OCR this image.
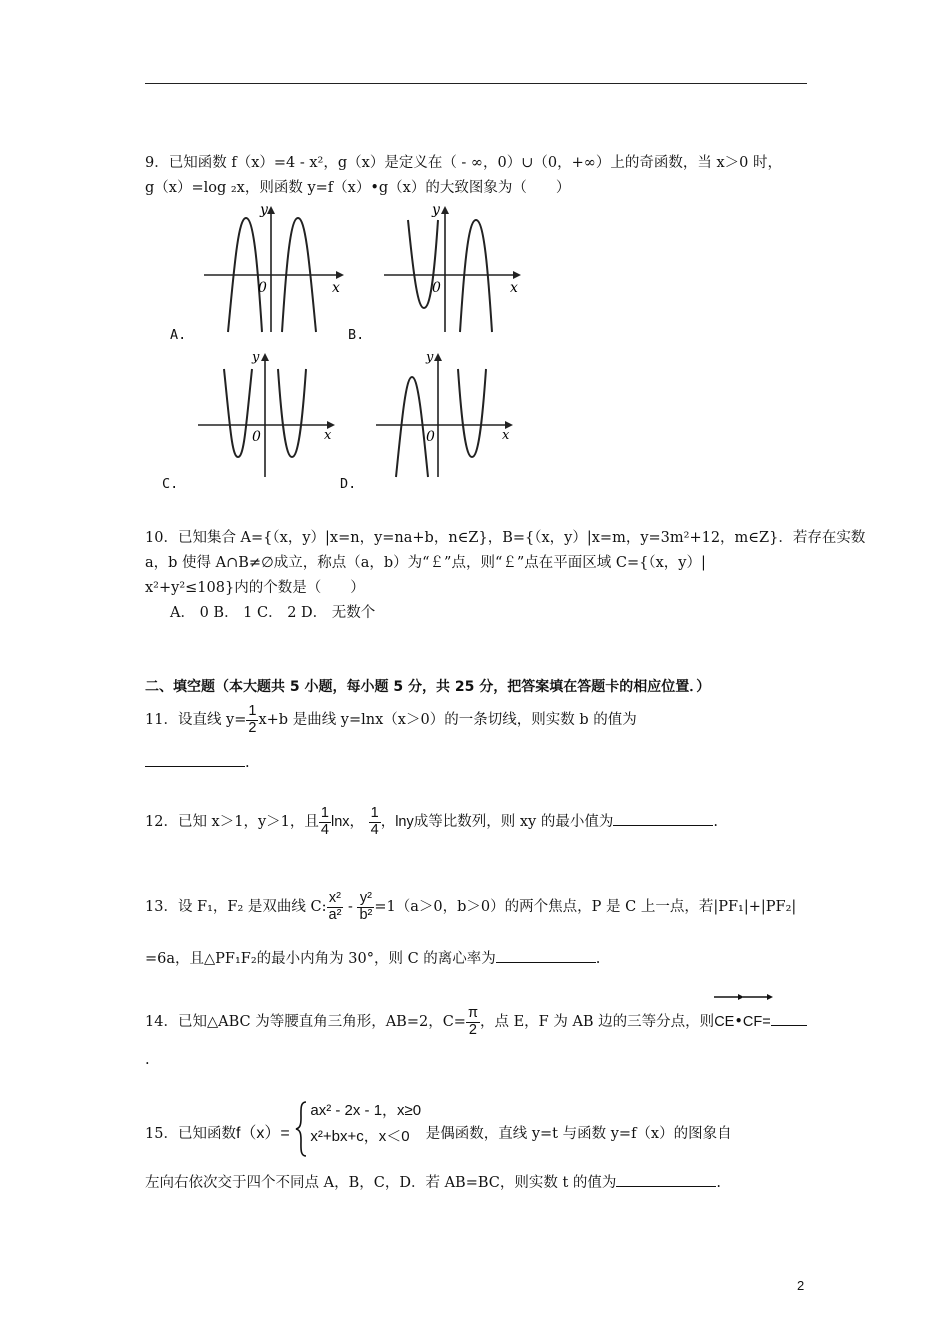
9．已知函数 f（x）=4 - x²，g（x）是定义在（ - ∞，0）∪（0，+∞）上的奇函数，当 x＞0 时，
g（x）=log ₂x，则函数 y=f（x）•g（x）的大致图象为（　　）
y
x
0
A.
y
x
0
B.
y
x
0
C.
y
x
0
D.
10．已知集合 A={（x，y）|x=n，y=na+b，n∈Z}，B={（x，y）|x=m，y=3m²+12，m∈Z}．若存在实数
a，b 使得 A∩B≠∅成立，称点（a，b）为“￡”点，则“￡”点在平面区域 C={（x，y）|
x²+y²≤108}内的个数是（　　）
A． 0 B． 1 C． 2 D． 无数个
二、填空题（本大题共 5 小题，每小题 5 分，共 25 分，把答案填在答题卡的相应位置．）
11．设直线 $y= \frac{1}{2} x+b$ 是曲线 y=lnx（x＞0）的一条切线，则实数 b 的值为
.
12．已知 x＞1，y＞1，且 $\frac{1}{4}$ lnx， $\frac{1}{4}$ ，lny成等比数列，则 xy 的最小值为	.
13．设 F₁，F₂ 是双曲线 C: $\frac{\text{x²}}{\text{a²}} - \frac{\text{y²}}{\text{b²}} =1(a>0$，b＞0）的两个焦点，P 是 C 上一点，若|PF₁|+|PF₂|
=6a，且△PF₁F₂的最小内角为 30°，则 C 的离心率为	.
14．已知△ABC 为等腰直角三角形，AB=2，$C= \frac{\pi}{2}$ ，点 E，F 为 AB 边的三等分点，则
CE•
CF=
.
15．已知函数f（x）=
ax² - 2x - 1，x≥0
x²+bx+c，x＜0	是偶函数，直线 y=t 与函数 y=f（x）的图象自
左向右依次交于四个不同点 A，B，C，D．若 AB=BC，则实数 t 的值为	.
2
